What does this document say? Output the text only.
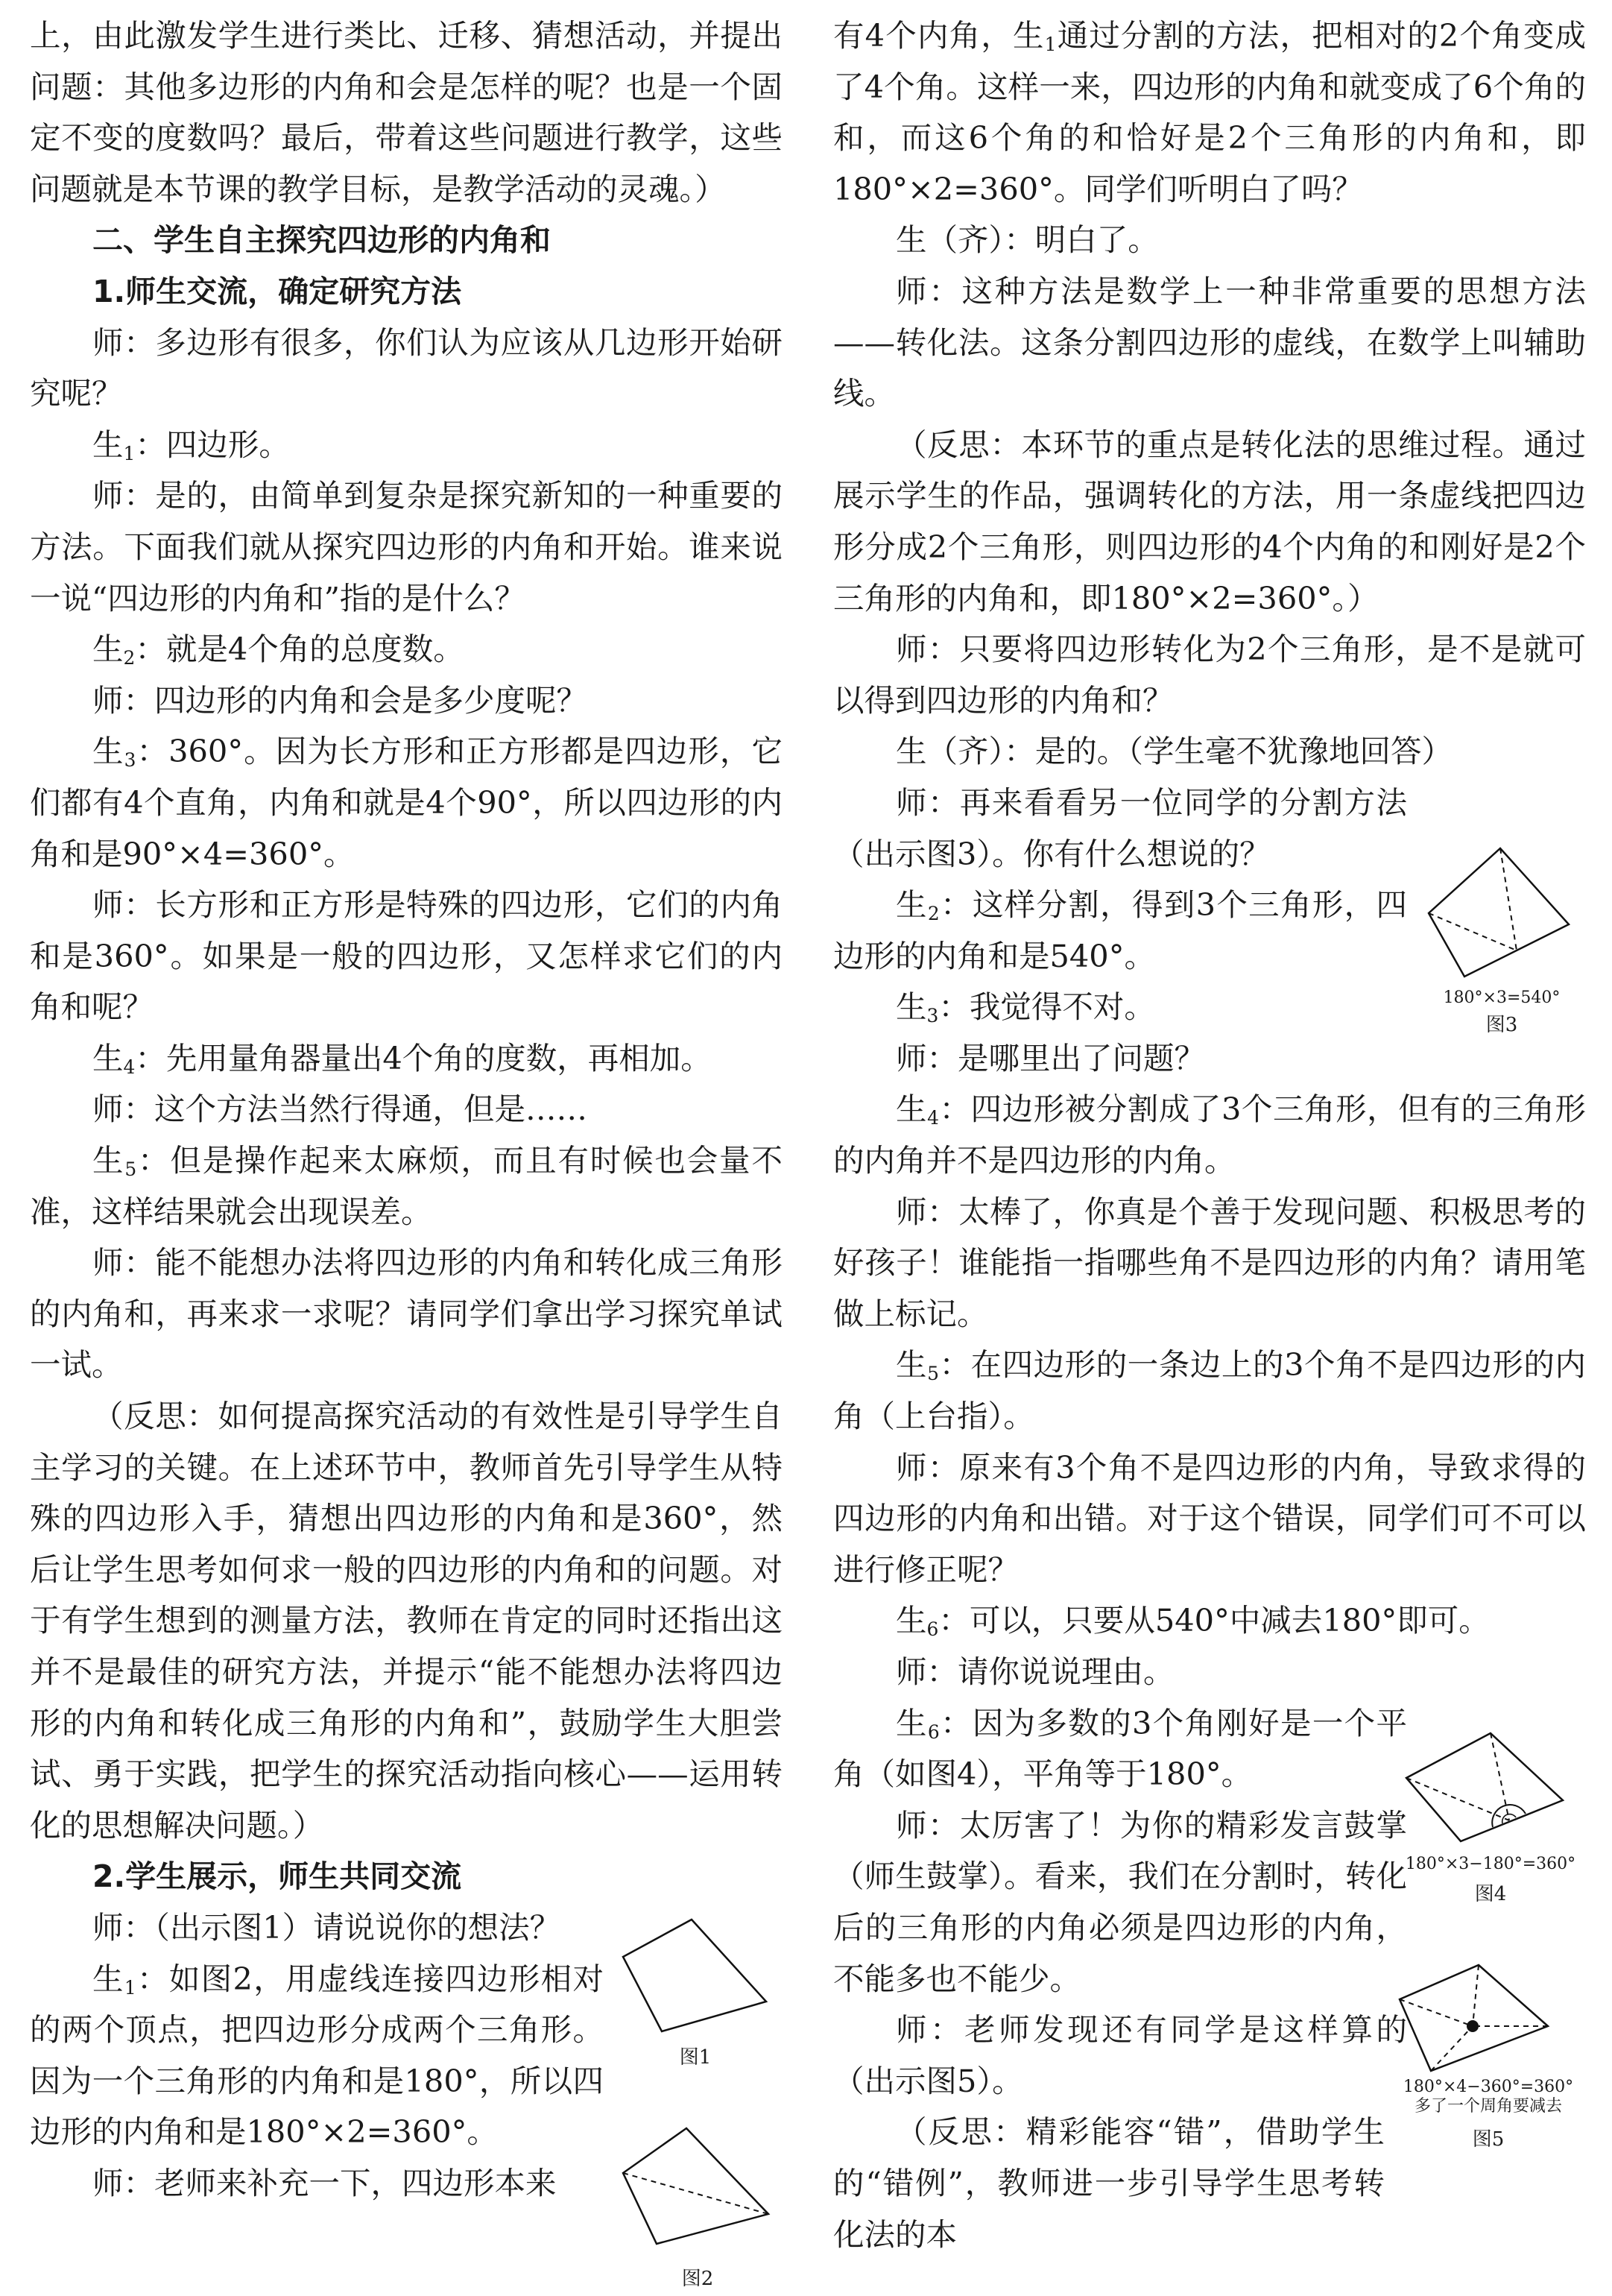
上，由此激发学生进行类比、迁移、猜想活动，并提出问题：其他多边形的内角和会是怎样的呢？也是一个固定不变的度数吗？最后，带着这些问题进行教学，这些问题就是本节课的教学目标，是教学活动的灵魂。）

二、学生自主探究四边形的内角和

1.师生交流，确定研究方法

师：多边形有很多，你们认为应该从几边形开始研究呢？

生$_1$：四边形。

师：是的，由简单到复杂是探究新知的一种重要的方法。下面我们就从探究四边形的内角和开始。谁来说一说“四边形的内角和”指的是什么？

生$_2$：就是4个角的总度数。

师：四边形的内角和会是多少度呢？

生$_3$：360°。因为长方形和正方形都是四边形，它们都有4个直角，内角和就是4个90°，所以四边形的内角和是90°×4=360°。

师：长方形和正方形是特殊的四边形，它们的内角和是360°。如果是一般的四边形，又怎样求它们的内角和呢？

生$_4$：先用量角器量出4个角的度数，再相加。

师：这个方法当然行得通，但是……

生$_5$：但是操作起来太麻烦，而且有时候也会量不准，这样结果就会出现误差。

师：能不能想办法将四边形的内角和转化成三角形的内角和，再来求一求呢？请同学们拿出学习探究单试一试。

（反思：如何提高探究活动的有效性是引导学生自主学习的关键。在上述环节中，教师首先引导学生从特殊的四边形入手，猜想出四边形的内角和是360°，然后让学生思考如何求一般的四边形的内角和的问题。对于有学生想到的测量方法，教师在肯定的同时还指出这并不是最佳的研究方法，并提示“能不能想办法将四边形的内角和转化成三角形的内角和”，鼓励学生大胆尝试、勇于实践，把学生的探究活动指向核心——运用转化的思想解决问题。）

2.学生展示，师生共同交流

师：（出示图1）请说说你的想法？

生$_1$：如图2，用虚线连接四边形相对的两个顶点，把四边形分成两个三角形。因为一个三角形的内角和是180°，所以四边形的内角和是180°×2=360°。

师：老师来补充一下，四边形本来

图1
图2

有4个内角，生$_1$通过分割的方法，把相对的2个角变成了4个角。这样一来，四边形的内角和就变成了6个角的和，而这6个角的和恰好是2个三角形的内角和，即180°×2=360°。同学们听明白了吗？

生（齐）：明白了。

师：这种方法是数学上一种非常重要的思想方法——转化法。这条分割四边形的虚线，在数学上叫辅助线。

（反思：本环节的重点是转化法的思维过程。通过展示学生的作品，强调转化的方法，用一条虚线把四边形分成2个三角形，则四边形的4个内角的和刚好是2个三角形的内角和，即180°×2=360°。）

师：只要将四边形转化为2个三角形，是不是就可以得到四边形的内角和？

生（齐）：是的。（学生毫不犹豫地回答）

师：再来看看另一位同学的分割方法（出示图3）。你有什么想说的？

生$_2$：这样分割，得到3个三角形，四边形的内角和是540°。

生$_3$：我觉得不对。

师：是哪里出了问题？

生$_4$：四边形被分割成了3个三角形，但有的三角形的内角并不是四边形的内角。

师：太棒了，你真是个善于发现问题、积极思考的好孩子！谁能指一指哪些角不是四边形的内角？请用笔做上标记。

生$_5$：在四边形的一条边上的3个角不是四边形的内角（上台指）。

师：原来有3个角不是四边形的内角，导致求得的四边形的内角和出错。对于这个错误，同学们可不可以进行修正呢？

生$_6$：可以，只要从540°中减去180°即可。

师：请你说说理由。

生$_6$：因为多数的3个角刚好是一个平角（如图4），平角等于180°。

师：太厉害了！为你的精彩发言鼓掌（师生鼓掌）。看来，我们在分割时，转化后的三角形的内角必须是四边形的内角，不能多也不能少。

师：老师发现还有同学是这样算的（出示图5）。

（反思：精彩能容“错”，借助学生的“错例”，教师进一步引导学生思考转化法的本

180°×3=540°
图3
180°×3−180°=360°
图4
180°×4−360°=360°
多了一个周角要减去
图5
